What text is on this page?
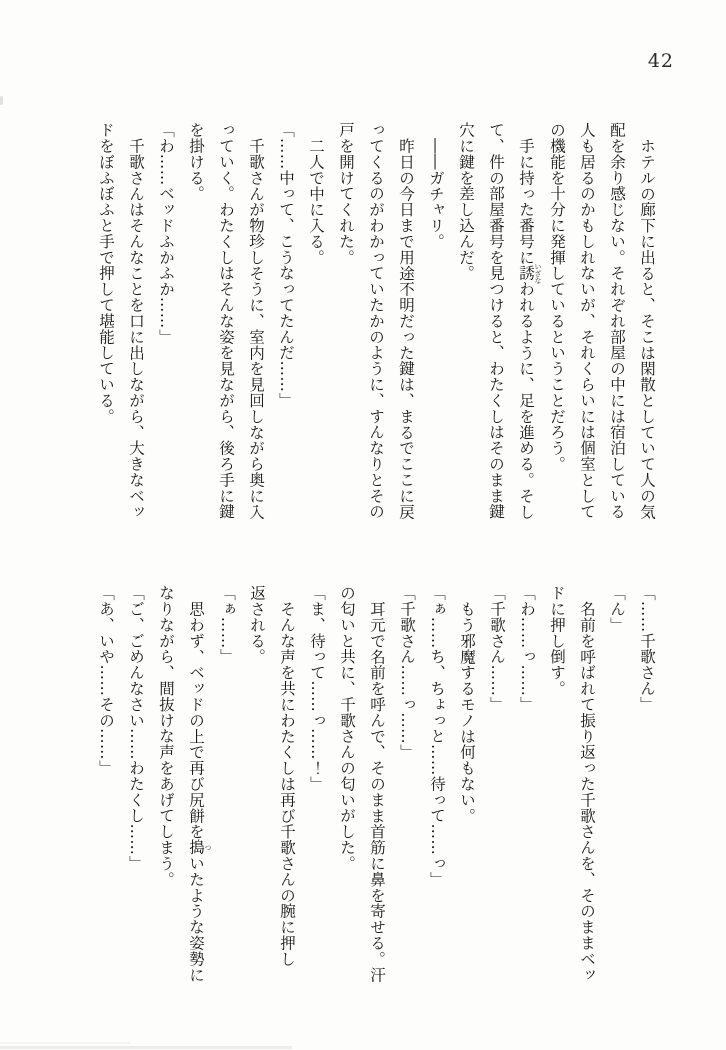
42

ホテルの廊下に出ると、そこは閑散としていて人の気

配を余り感じない。それぞれ部屋の中には宿泊している

人も居るのかもしれないが、それくらいには個室として

の機能を十分に発揮しているということだろう。

手に持った番号に誘 いざなわれるように、足を進める。そし

て、件の部屋番号を見つけると、わたくしはそのまま鍵

穴に鍵を差し込んだ。

――ガチャリ。

昨日の今日まで用途不明だった鍵は、まるでここに戻

ってくるのがわかっていたかのように、すんなりとその

戸を開けてくれた。

二人で中に入る。

「……中って、こうなってたんだ……」

千歌さんが物珍しそうに、室内を見回しながら奥に入

っていく。わたくしはそんな姿を見ながら、後ろ手に鍵

を掛ける。

「わ……ベッドふかふか……」

千歌さんはそんなことを口に出しながら、大きなベッ

ドをぼふぼふと手で押して堪能している。

「……千歌さん」

「ん」

名前を呼ばれて振り返った千歌さんを、そのままベッ

ドに押し倒す。

「わ……っ……」

「千歌さん……」

もう邪魔するモノは何もない。

「ぁ……ち、ちょっと……待って……っ」

「千歌さん……っ……」

耳元で名前を呼んで、そのまま首筋に鼻を寄せる。汗

の匂いと共に、千歌さんの匂いがした。

「ま、待って……っ……！」

そんな声を共にわたくしは再び千歌さんの腕に押し

返される。

「ぁ……」

思わず、ベッドの上で再び尻餅を搗 ついたような姿勢に

なりながら、間抜けな声をあげてしまう。

「ご、ごめんなさい……わたくし……」

「あ、いや……その……」
